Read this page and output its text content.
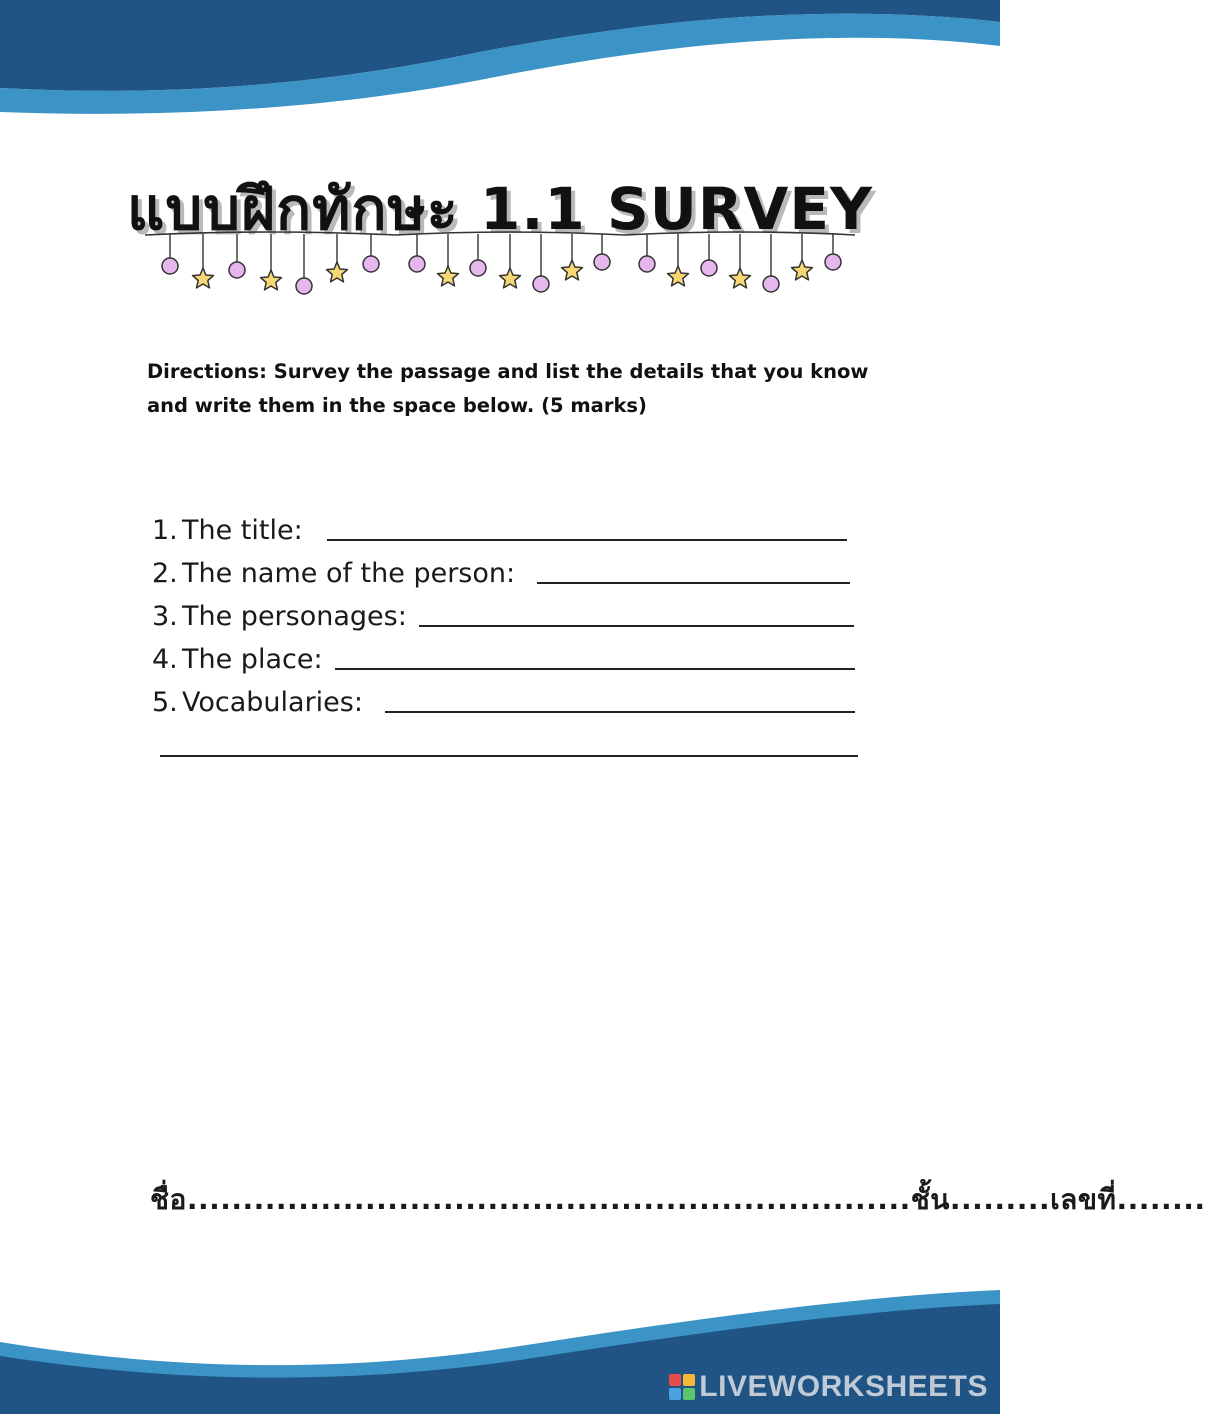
แบบฝึกทักษะ 1.1 SURVEY
Directions: Survey the passage and list the details that you know and write them in the space below. (5 marks)
1. The title:
2. The name of the person:
3. The personages:
4. The place:
5. Vocabularies:
ชื่อ.................................................................ชั้น.........เลขที่........
LIVEWORKSHEETS
